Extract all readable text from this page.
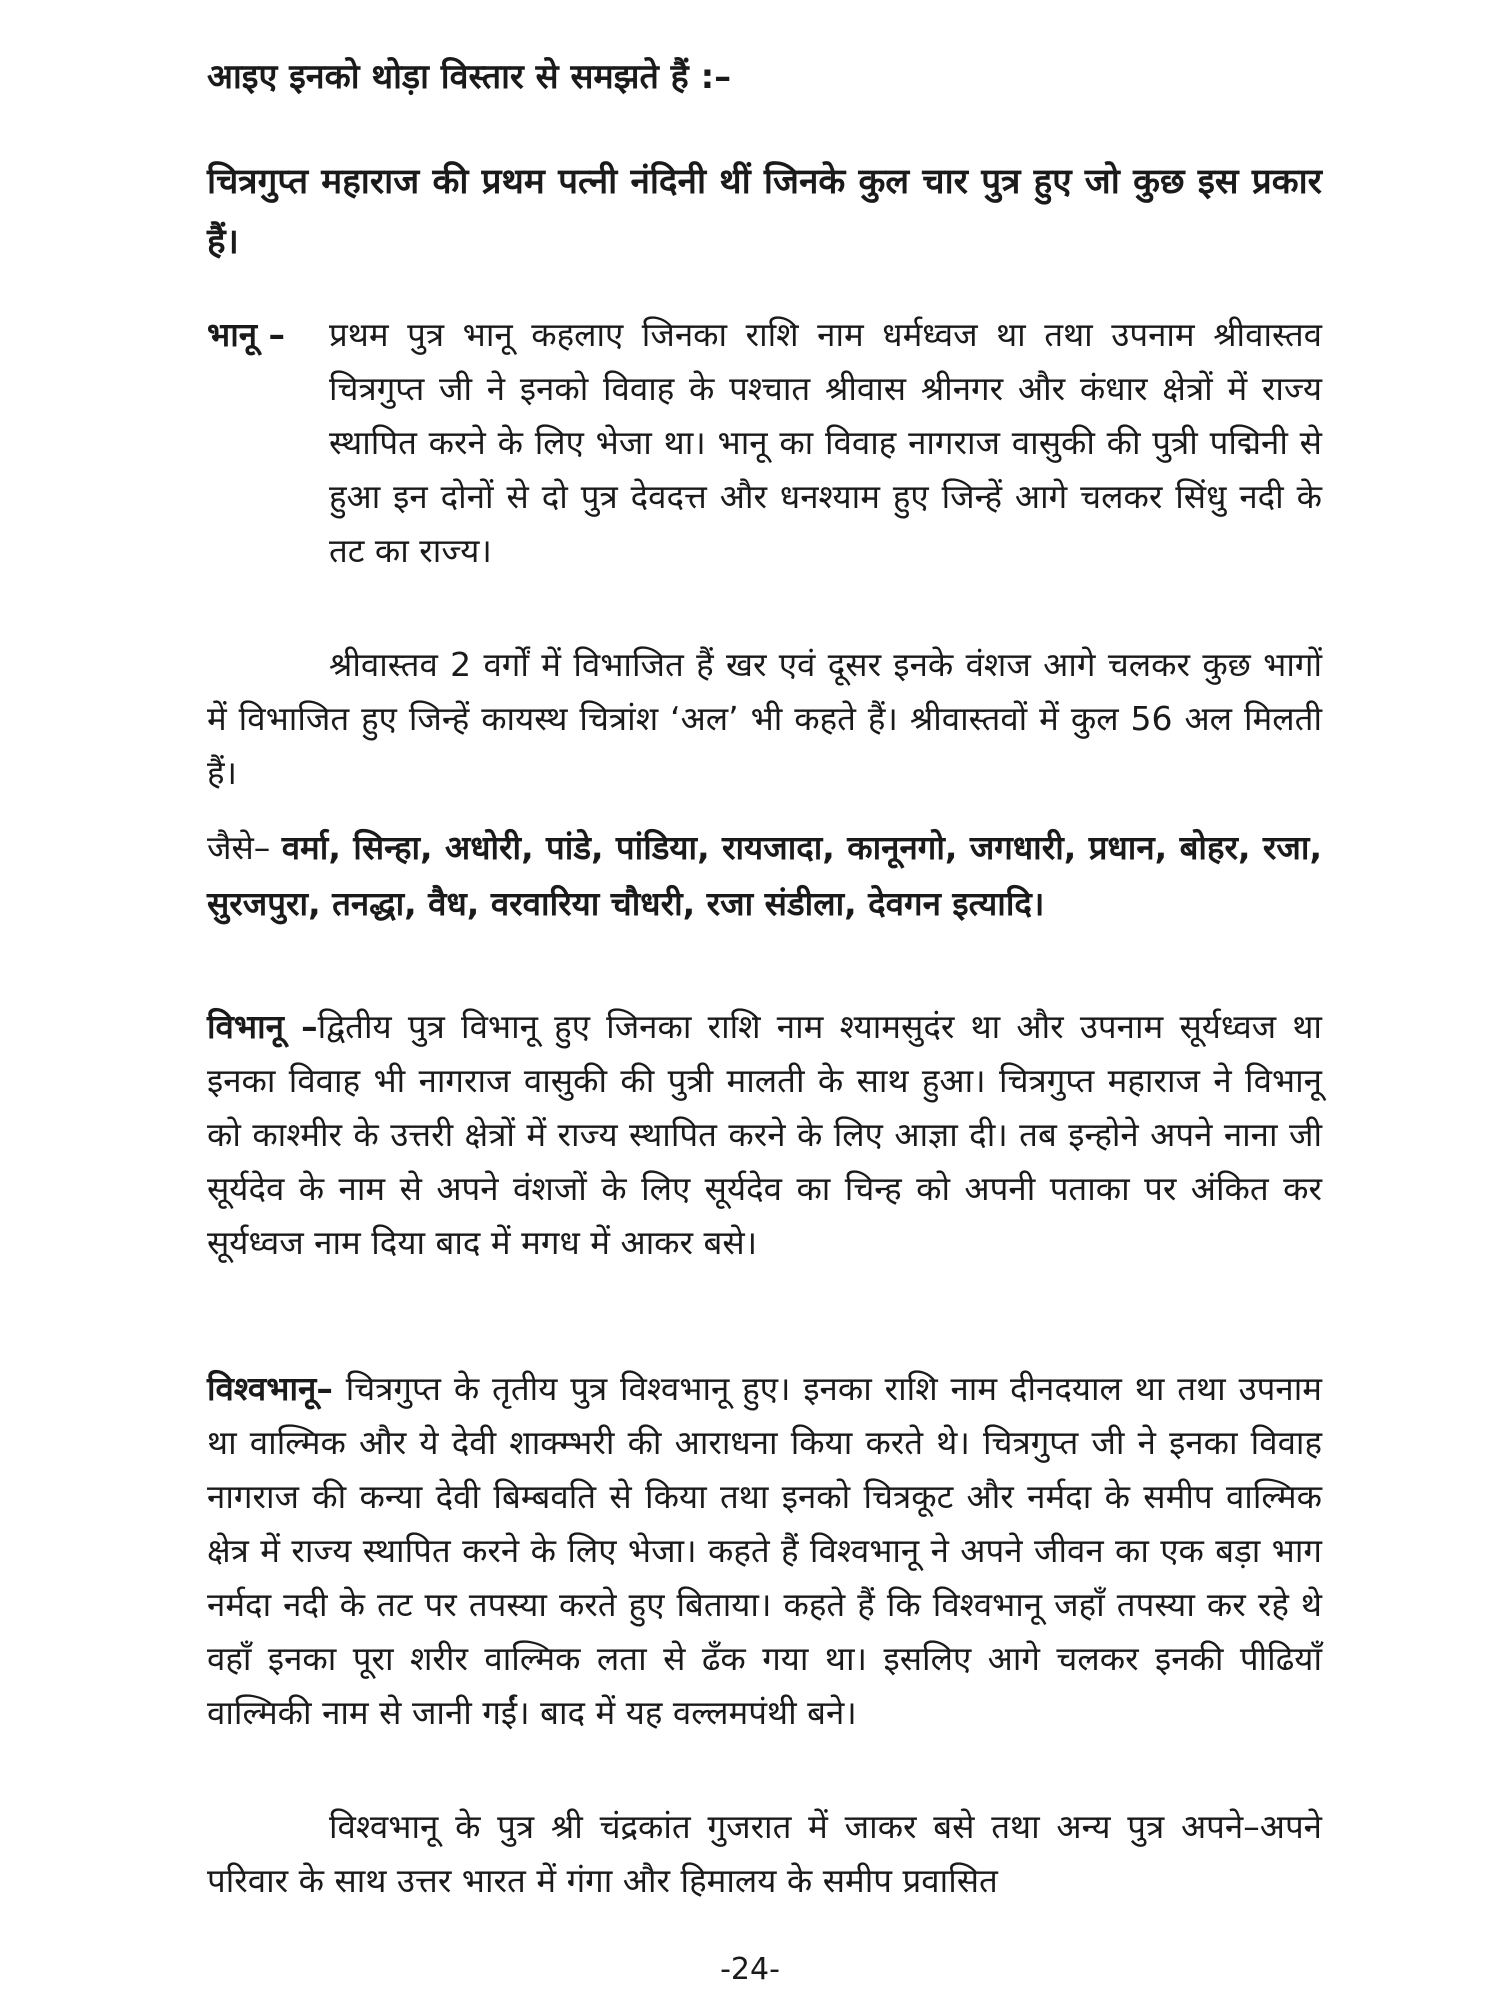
आइए इनको थोड़ा विस्तार से समझते हैं :–
चित्रगुप्त महाराज की प्रथम पत्नी नंदिनी थीं जिनके कुल चार पुत्र हुए जो कुछ इस प्रकार हैं।
भानू –	प्रथम पुत्र भानू कहलाए जिनका राशि नाम धर्मध्वज था तथा उपनाम श्रीवास्तव चित्रगुप्त जी ने इनको विवाह के पश्चात श्रीवास श्रीनगर और कंधार क्षेत्रों में राज्य स्थापित करने के लिए भेजा था। भानू का विवाह नागराज वासुकी की पुत्री पद्मिनी से हुआ इन दोनों से दो पुत्र देवदत्त और धनश्याम हुए जिन्हें आगे चलकर सिंधु नदी के तट का राज्य।
श्रीवास्तव 2 वर्गों में विभाजित हैं खर एवं दूसर इनके वंशज आगे चलकर कुछ भागों में विभाजित हुए जिन्हें कायस्थ चित्रांश ‘अल’ भी कहते हैं। श्रीवास्तवों में कुल 56 अल मिलती हैं।
जैसे– वर्मा, सिन्हा, अधोरी, पांडे, पांडिया, रायजादा, कानूनगो, जगधारी, प्रधान, बोहर, रजा, सुरजपुरा, तनद्धा, वैध, वरवारिया चौधरी, रजा संडीला, देवगन इत्यादि।
विभानू –द्वितीय पुत्र विभानू हुए जिनका राशि नाम श्यामसुदंर था और उपनाम सूर्यध्वज था इनका विवाह भी नागराज वासुकी की पुत्री मालती के साथ हुआ। चित्रगुप्त महाराज ने विभानू को काश्मीर के उत्तरी क्षेत्रों में राज्य स्थापित करने के लिए आज्ञा दी। तब इन्होने अपने नाना जी सूर्यदेव के नाम से अपने वंशजों के लिए सूर्यदेव का चिन्ह को अपनी पताका पर अंकित कर सूर्यध्वज नाम दिया बाद में मगध में आकर बसे।
विश्वभानू– चित्रगुप्त के तृतीय पुत्र विश्वभानू हुए। इनका राशि नाम दीनदयाल था तथा उपनाम था वाल्मिक और ये देवी शाक्म्भरी की आराधना किया करते थे। चित्रगुप्त जी ने इनका विवाह नागराज की कन्या देवी बिम्बवति से किया तथा इनको चित्रकूट और नर्मदा के समीप वाल्मिक क्षेत्र में राज्य स्थापित करने के लिए भेजा। कहते हैं विश्वभानू ने अपने जीवन का एक बड़ा भाग नर्मदा नदी के तट पर तपस्या करते हुए बिताया। कहते हैं कि विश्वभानू जहाँ तपस्या कर रहे थे वहाँ इनका पूरा शरीर वाल्मिक लता से ढँक गया था। इसलिए आगे चलकर इनकी पीढियाँ वाल्मिकी नाम से जानी गईं। बाद में यह वल्लमपंथी बने।
विश्वभानू के पुत्र श्री चंद्रकांत गुजरात में जाकर बसे तथा अन्य पुत्र अपने–अपने परिवार के साथ उत्तर भारत में गंगा और हिमालय के समीप प्रवासित
-24-
